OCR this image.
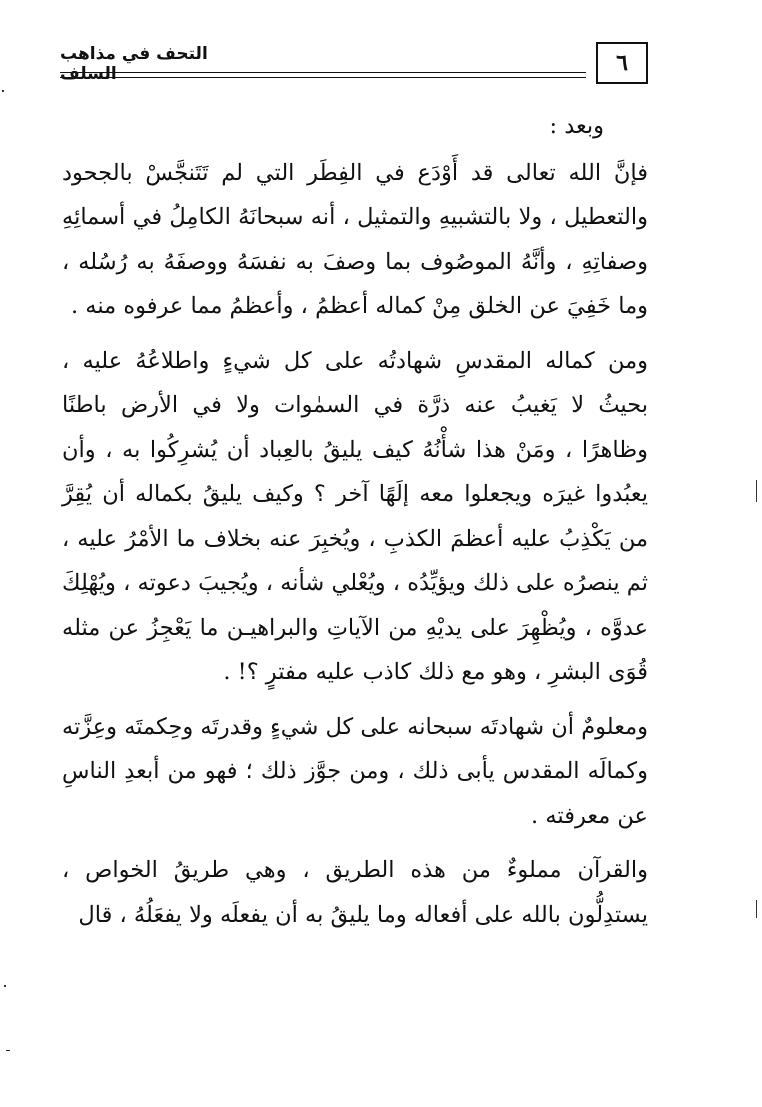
٦
التحف في مذاهب السلف

وبعد :

فإنَّ الله تعالى قد أَوْدَع في الفِطَر التي لم تَتَنجَّسْ بالجحود والتعطيل ، ولا بالتشبيهِ والتمثيل ، أنه سبحانَهُ الكامِلُ في أسمائِهِ وصفاتِهِ ، وأنَّهُ الموصُوف بما وصفَ به نفسَهُ ووصفَهُ به رُسُله ، وما خَفِيَ عن الخلق مِنْ كماله أعظمُ ، وأعظمُ مما عرفوه منه .

ومن كماله المقدسِ شهادتُه على كل شيءٍ واطلاعُهُ عليه ، بحيثُ لا يَغيبُ عنه ذرَّة في السمٰوات ولا في الأرض باطنًا وظاهرًا ، ومَنْ هذا شأْنُهُ كيف يليقُ بالعِباد أن يُشرِكُوا به ، وأن يعبُدوا غيرَه ويجعلوا معه إلَهًا آخر ؟ وكيف يليقُ بكماله أن يُقِرَّ من يَكْذِبُ عليه أعظمَ الكذبِ ، ويُخبِرَ عنه بخلاف ما الأمْرُ عليه ، ثم ينصرُه على ذلك ويؤيِّدُه ، ويُعْلي شأنه ، ويُجيبَ دعوته ، ويُهْلِكَ عدوَّه ، ويُظْهِرَ على يديْهِ من الآياتِ والبراهيـن ما يَعْجِزُ عن مثله قُوَى البشرِ ، وهو مع ذلك كاذب عليه مفترٍ ؟! .

ومعلومٌ أن شهادتَه سبحانه على كل شيءٍ وقدرتَه وحِكمتَه وعِزَّته وكمالَه المقدس يأبى ذلك ، ومن جوَّز ذلك ؛ فهو من أبعدِ الناسِ عن معرفته .

والقرآن مملوءٌ من هذه الطريق ، وهي طريقُ الخواص ، يستدِلُّون بالله على أفعاله وما يليقُ به أن يفعلَه ولا يفعَلُهُ ، قال
